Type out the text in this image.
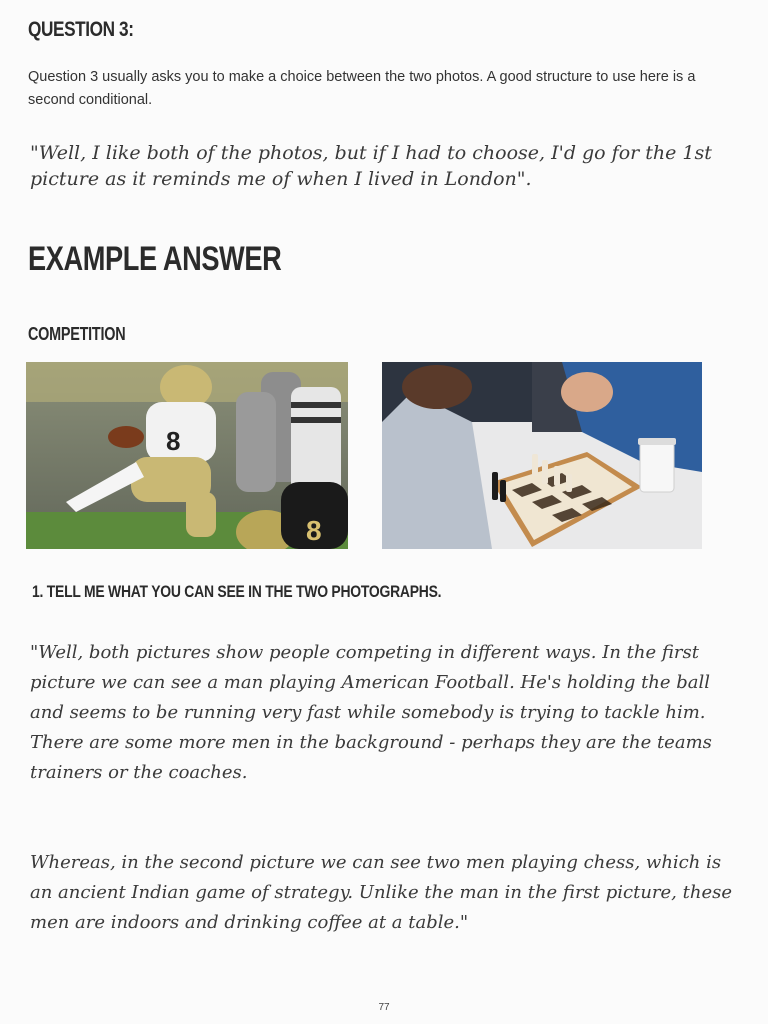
QUESTION 3:
Question 3 usually asks you to make a choice between the two photos. A good structure to use here is a second conditional.
"Well, I like both of the photos, but if I had to choose, I'd go for the 1st picture as it reminds me of when I lived in London".
EXAMPLE ANSWER
COMPETITION
8
8
1. TELL ME WHAT YOU CAN SEE IN THE TWO PHOTOGRAPHS.
"Well, both pictures show people competing in different ways. In the first picture we can see a man playing American Football. He's holding the ball and seems to be running very fast while somebody is trying to tackle him. There are some more men in the background - perhaps they are the teams trainers or the coaches.
Whereas, in the second picture we can see two men playing chess, which is an ancient Indian game of strategy. Unlike the man in the first picture, these men are indoors and drinking coffee at a table."
77
